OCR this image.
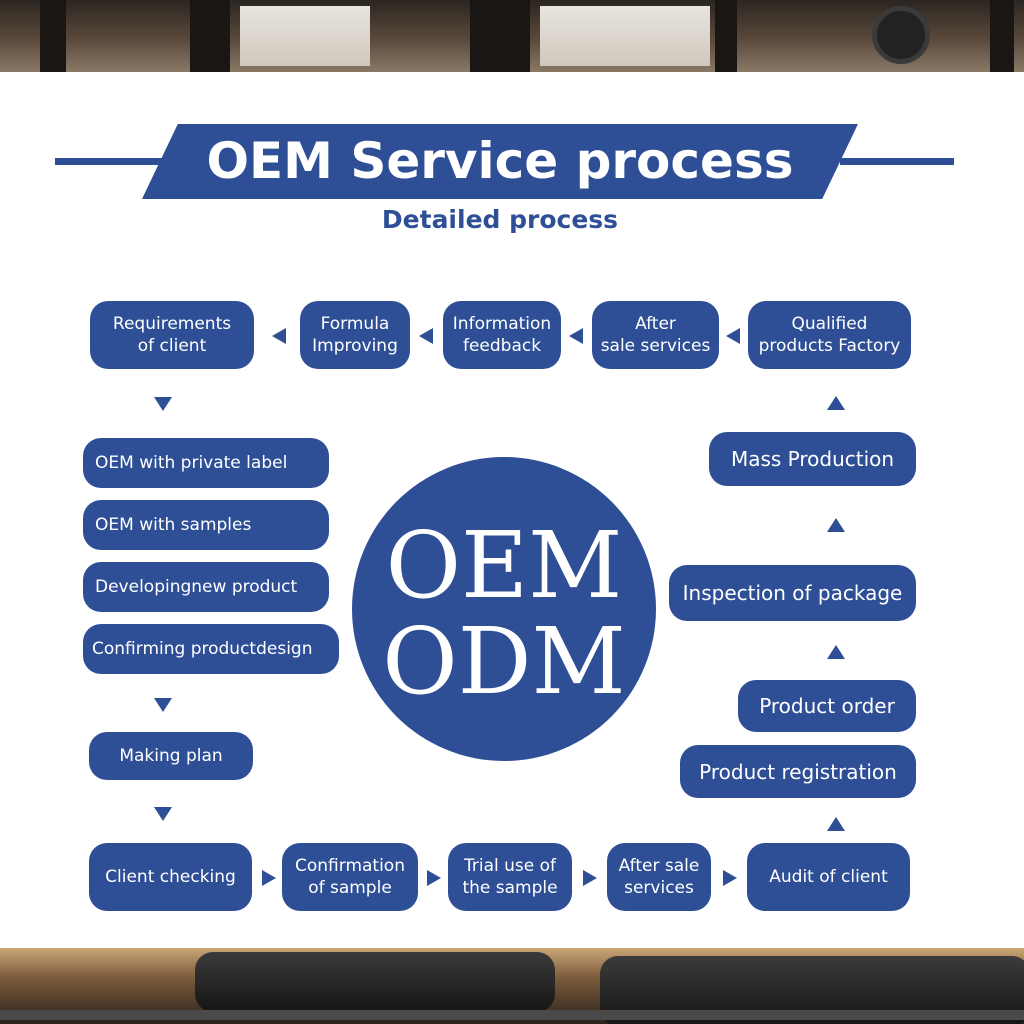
OEM Service process
Detailed process
Requirements
of client
Formula
Improving
Information
feedback
After
sale services
Qualified
products Factory
OEM with private label
OEM with samples
Developingnew product
Confirming productdesign
Making plan
OEM
ODM
Mass Production
Inspection of package
Product order
Product registration
Client checking
Confirmation
of sample
Trial use of
the sample
After sale
services
Audit of client
